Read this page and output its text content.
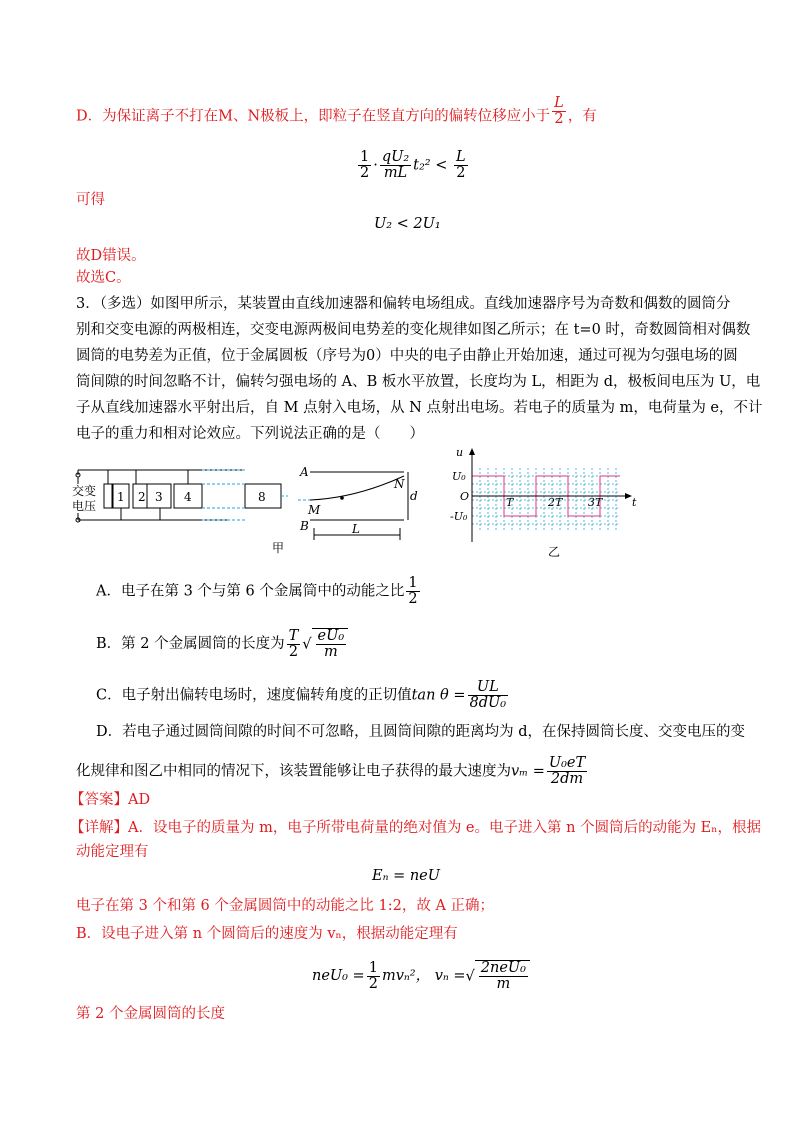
D．为保证离子不打在M、N极板上，即粒子在竖直方向的偏转位移应小于 $\frac{L}{2}$ ，有
$\frac{1}{2} \cdot \frac{\text{qU₂}}{mL} t_2^2 < \frac{L}{2}$
可得
U₂ < 2U₁
故D错误。
故选C。
3．（多选）如图甲所示，某装置由直线加速器和偏转电场组成。直线加速器序号为奇数和偶数的圆筒分
别和交变电源的两极相连，交变电源两极间电势差的变化规律如图乙所示；在 t=0 时，奇数圆筒相对偶数
圆筒的电势差为正值，位于金属圆板（序号为0）中央的电子由静止开始加速，通过可视为匀强电场的圆
筒间隙的时间忽略不计，偏转匀强电场的 A、B 板水平放置，长度均为 L，相距为 d，极板间电压为 U，电
子从直线加速器水平射出后，自 M 点射入电场，从 N 点射出电场。若电子的质量为 m，电荷量为 e，不计
电子的重力和相对论效应。下列说法正确的是（　　）
交变
电压
1 2 3 4	8
A
B
M
N
d
L
u
U₀
O
-U₀
t
T	2T 3T
甲	乙
A．电子在第 3 个与第 6 个金属筒中的动能之比 $\frac{1}{2}$
B．第 2 个金属圆筒的长度为 $\frac{T}{2}$ √ $\frac{\text{eU₀}}{m}$
C．电子射出偏转电场时，速度偏转角度的正切值$\tan \theta = \frac{UL}{\text{8dU₀}}$
D．若电子通过圆筒间隙的时间不可忽略，且圆筒间隙的距离均为 d，在保持圆筒长度、交变电压的变
化规律和图乙中相同的情况下，该装置能够让电子获得的最大速度为$v_m = \frac{\text{U₀eT}}{2dm}$
【答案】AD
【详解】A．设电子的质量为 m，电子所带电荷量的绝对值为 e。电子进入第 n 个圆筒后的动能为 Eₙ，根据
动能定理有
Eₙ = neU
电子在第 3 个和第 6 个金属圆筒中的动能之比 1:2，故 A 正确；
B．设电子进入第 n 个圆筒后的速度为 vₙ，根据动能定理有
$neU_0 = \frac{1}{2} mv_n^2$， vₙ =√ $\frac{\text{2neU₀}}{m}$
第 2 个金属圆筒的长度
